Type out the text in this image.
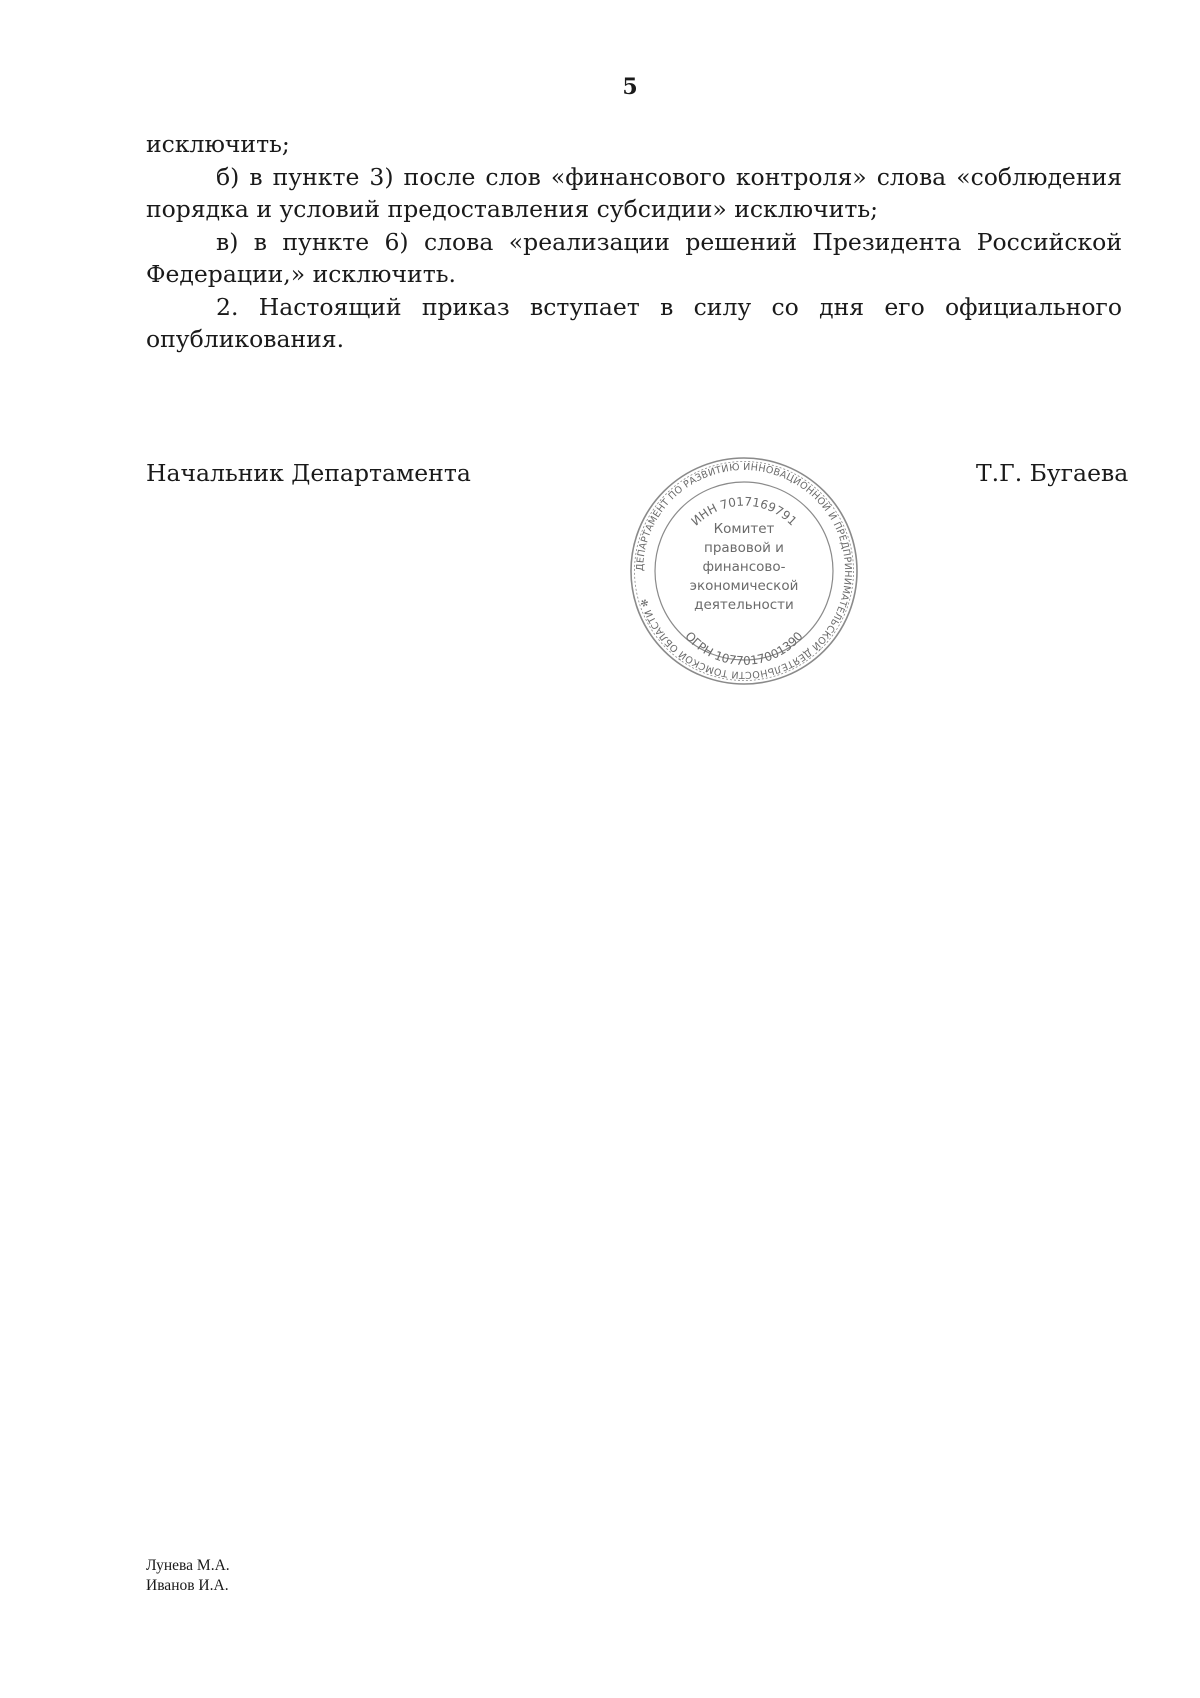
5

исключить;

б) в пункте 3) после слов «финансового контроля» слова «соблюдения порядка и условий предоставления субсидии» исключить;

в) в пункте 6) слова «реализации решений Президента Российской Федерации,» исключить.

2. Настоящий приказ вступает в силу со дня его официального опубликования.

Начальник Департамента
ДЕПАРТАМЕНТ ПО РАЗВИТИЮ ИННОВАЦИОННОЙ И ПРЕДПРИНИМАТЕЛЬСКОЙ ДЕЯТЕЛЬНОСТИ ТОМСКОЙ ОБЛАСТИ ✻
ИНН 7017169791
ОГРН 1077017001390
Комитет
правовой и
финансово-
экономической
деятельности
Т.Г. Бугаева
Лунева М.А.
Иванов И.А.
